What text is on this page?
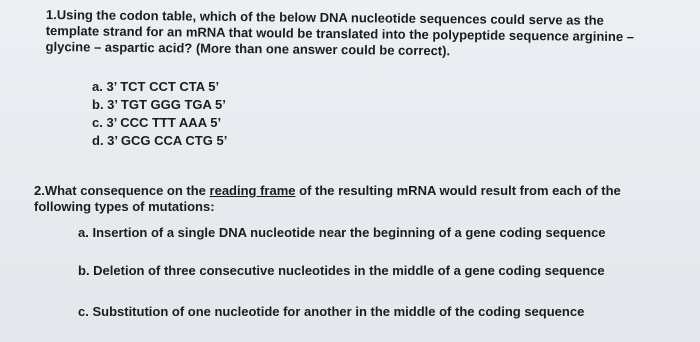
1.Using the codon table, which of the below DNA nucleotide sequences could serve as the
template strand for an mRNA that would be translated into the polypeptide sequence arginine –
glycine – aspartic acid? (More than one answer could be correct).
a. 3’ TCT CCT CTA 5’
b. 3’ TGT GGG TGA 5’
c. 3’ CCC TTT AAA 5’
d. 3’ GCG CCA CTG 5’
2.What consequence on the reading frame of the resulting mRNA would result from each of the
following types of mutations:
a. Insertion of a single DNA nucleotide near the beginning of a gene coding sequence
b. Deletion of three consecutive nucleotides in the middle of a gene coding sequence
c. Substitution of one nucleotide for another in the middle of the coding sequence
